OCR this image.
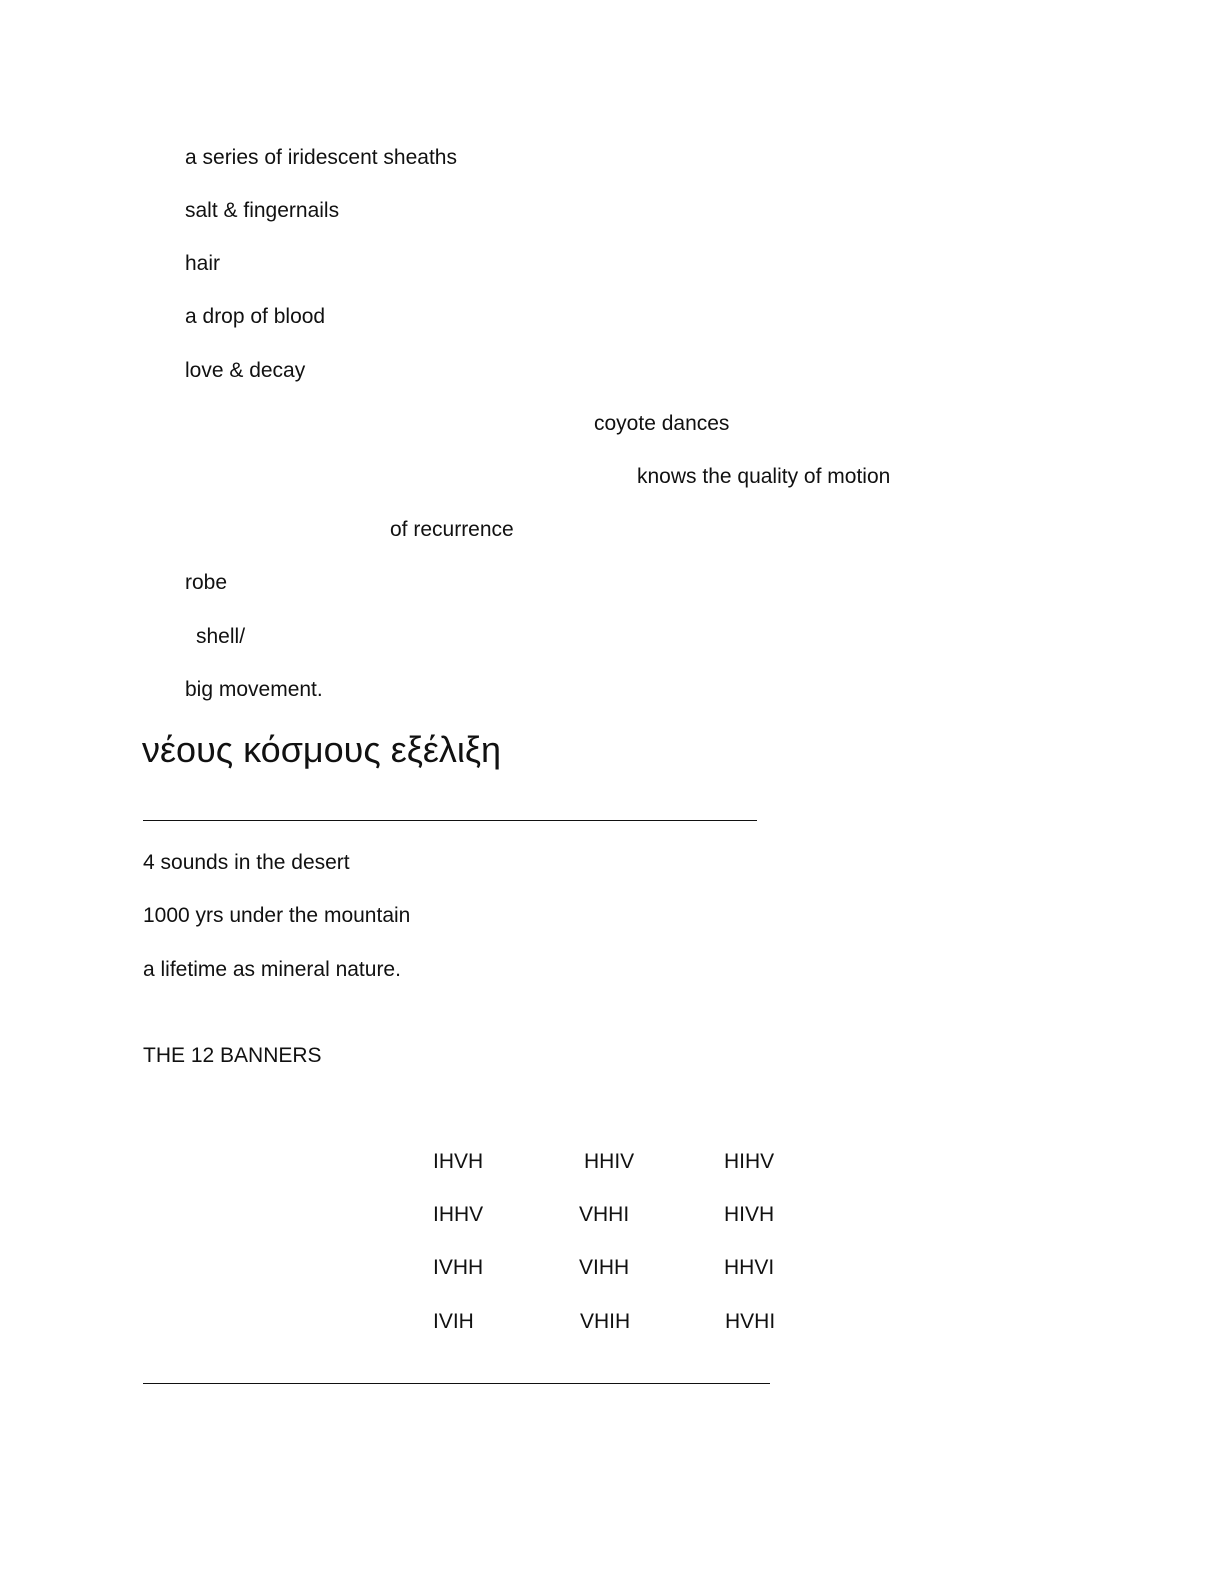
a series of iridescent sheaths
salt & fingernails
hair
a drop of blood
love & decay
coyote dances
knows the quality of motion
of recurrence
robe
shell/
big movement.
νέους κόσμους εξέλιξη
4 sounds in the desert
1000 yrs under the mountain
a lifetime as mineral nature.
THE 12 BANNERS
IHVH	HHIV	HIHV
IHHV	VHHI	HIVH
IVHH	VIHH	HHVI
IVIH	VHIH	HVHI
